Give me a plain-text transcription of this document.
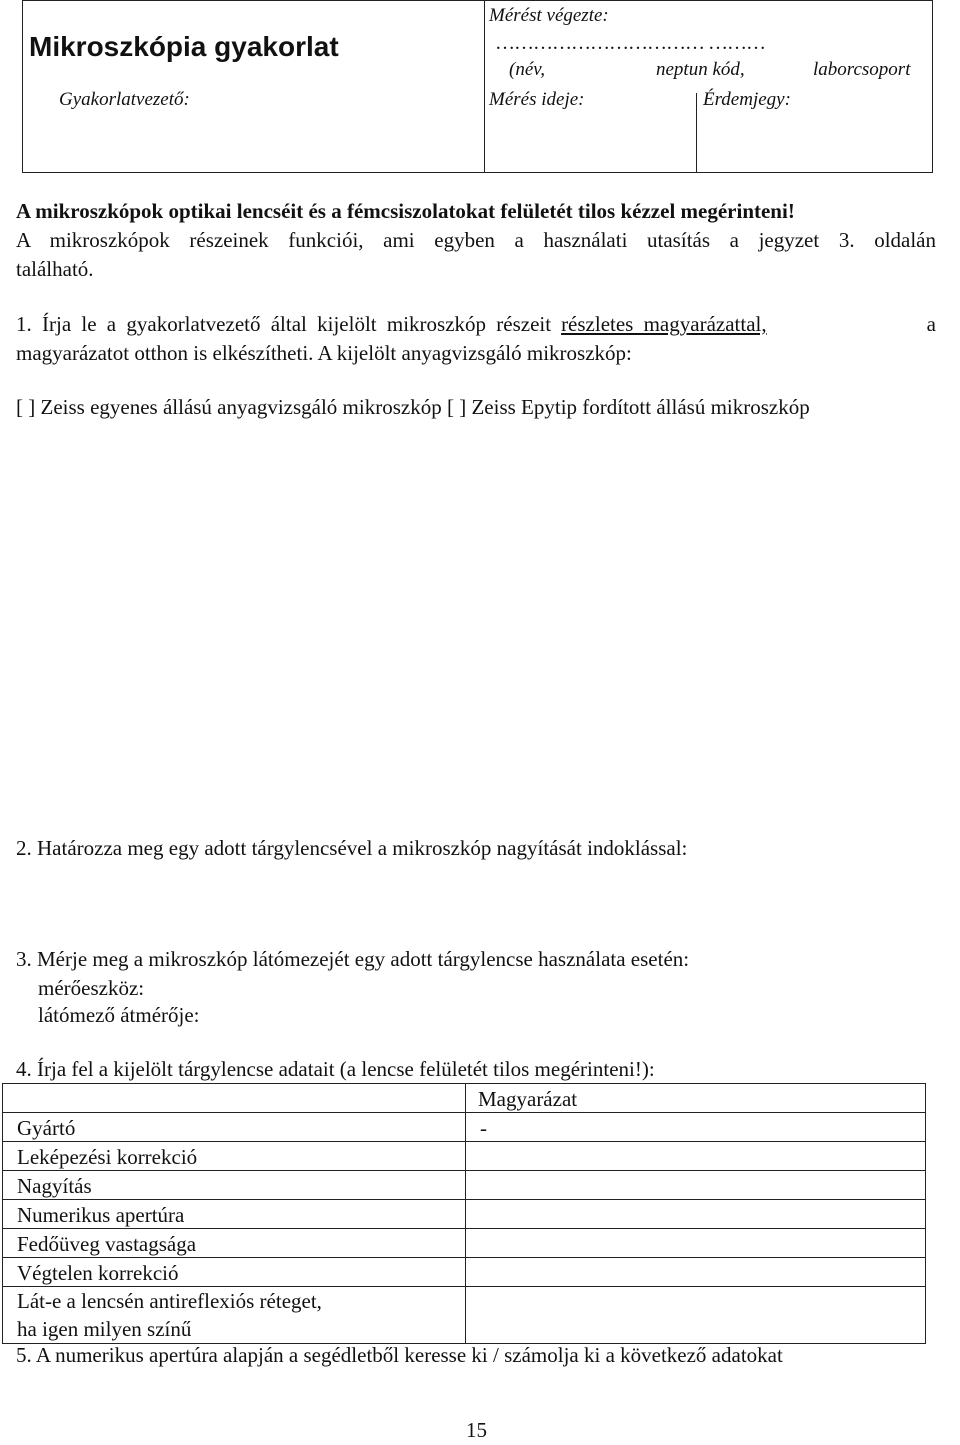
Mikroszkópia gyakorlat	Mérést végezte:
…………………………… ………
(név, neptun kód, laborcsoport	

Gyakorlatvezető:	Mérés ideje:	Érdemjegy:
A mikroszkópok optikai lencséit és a fémcsiszolatokat felületét tilos kézzel megérinteni!
A mikroszkópok részeinek funkciói, ami egyben a használati utasítás a jegyzet 3. oldalán
található.
1. Írja le a gyakorlatvezető által kijelölt mikroszkóp részeit részletes magyarázattal,	a
magyarázatot otthon is elkészítheti. A kijelölt anyagvizsgáló mikroszkóp:
[ ] Zeiss egyenes állású anyagvizsgáló mikroszkóp [ ] Zeiss Epytip fordított állású mikroszkóp
2. Határozza meg egy adott tárgylencsével a mikroszkóp nagyítását indoklással:
3. Mérje meg a mikroszkóp látómezejét egy adott tárgylencse használata esetén:
mérőeszköz:
látómező átmérője:
4. Írja fel a kijelölt tárgylencse adatait (a lencse felületét tilos megérinteni!):
	Magyarázat
Gyártó	-
Leképezési korrekció	
Nagyítás	
Numerikus apertúra	
Fedőüveg vastagsága	
Végtelen korrekció	

Lát-e a lencsén antireflexiós réteget,
ha igen milyen színű	

5. A numerikus apertúra alapján a segédletből keresse ki / számolja ki a következő adatokat
15
